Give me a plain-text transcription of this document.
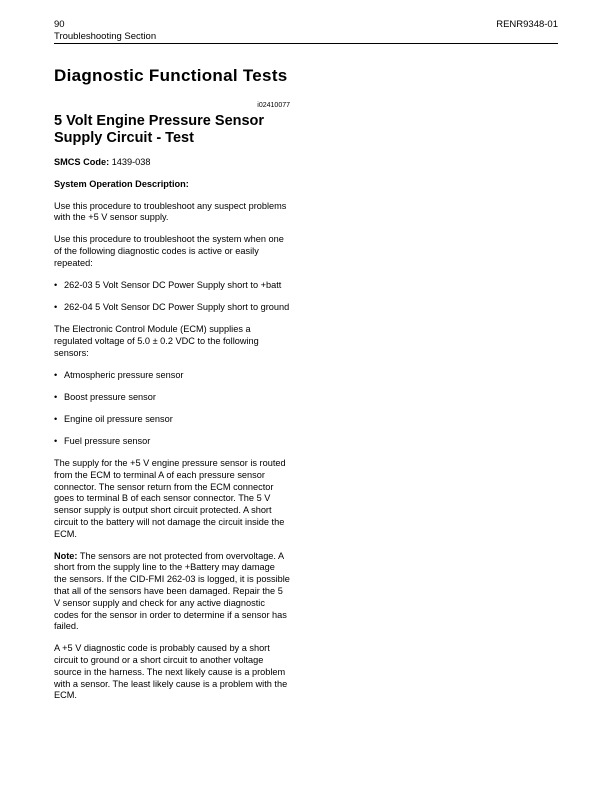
90
Troubleshooting Section
RENR9348-01
Diagnostic Functional Tests
i02410077
5 Volt Engine Pressure Sensor Supply Circuit - Test

SMCS Code: 1439-038

System Operation Description:

Use this procedure to troubleshoot any suspect problems with the +5 V sensor supply.

Use this procedure to troubleshoot the system when one of the following diagnostic codes is active or easily repeated:

• 262-03 5 Volt Sensor DC Power Supply short to +batt
• 262-04 5 Volt Sensor DC Power Supply short to ground

The Electronic Control Module (ECM) supplies a regulated voltage of 5.0 ± 0.2 VDC to the following sensors:

• Atmospheric pressure sensor
• Boost pressure sensor
• Engine oil pressure sensor
• Fuel pressure sensor

The supply for the +5 V engine pressure sensor is routed from the ECM to terminal A of each pressure sensor connector. The sensor return from the ECM connector goes to terminal B of each sensor connector. The 5 V sensor supply is output short circuit protected. A short circuit to the battery will not damage the circuit inside the ECM.

Note: The sensors are not protected from overvoltage. A short from the supply line to the +Battery may damage the sensors. If the CID-FMI 262-03 is logged, it is possible that all of the sensors have been damaged. Repair the 5 V sensor supply and check for any active diagnostic codes for the sensor in order to determine if a sensor has failed.

A +5 V diagnostic code is probably caused by a short circuit to ground or a short circuit to another voltage source in the harness. The next likely cause is a problem with a sensor. The least likely cause is a problem with the ECM.
